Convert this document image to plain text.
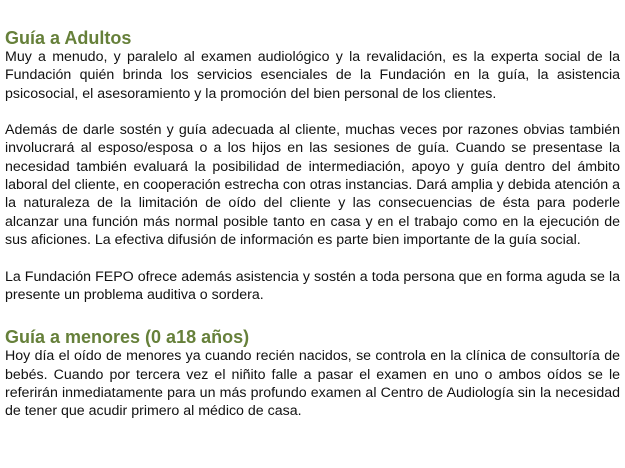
Guía a Adultos

Muy a menudo, y paralelo al examen audiológico y la revalidación, es la experta social de la Fundación quién brinda los servicios esenciales de la Fundación en la guía, la asistencia psicosocial, el asesoramiento y la promoción del bien personal de los clientes.

Además de darle sostén y guía adecuada al cliente, muchas veces por razones obvias también involucrará al esposo/esposa o a los hijos en las sesiones de guía. Cuando se presentase la necesidad también evaluará la posibilidad de intermediación, apoyo y guía dentro del ámbito laboral del cliente, en cooperación estrecha con otras instancias. Dará amplia y debida atención a la naturaleza de la limitación de oído del cliente y las consecuencias de ésta para poderle alcanzar una función más normal posible tanto en casa y en el trabajo como en la ejecución de sus aficiones. La efectiva difusión de información es parte bien importante de la guía social.

La Fundación FEPO ofrece además asistencia y sostén a toda persona que en forma aguda se la presente un problema auditiva o sordera.

Guía a menores (0 a18 años)

Hoy día el oído de menores ya cuando recién nacidos, se controla en la clínica de consultoría de bebés. Cuando por tercera vez el niñito falle a pasar el examen en uno o ambos oídos se le referirán inmediatamente para un más profundo examen al Centro de Audiología sin la necesidad de tener que acudir primero al médico de casa.
